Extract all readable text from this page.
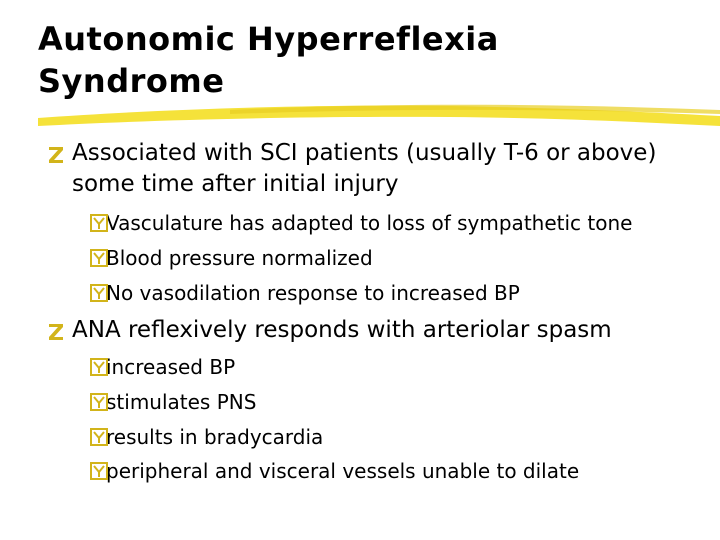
Autonomic Hyperreflexia
Syndrome
Associated with SCI patients (usually T-6 or above) some time after initial injury
Vasculature has adapted to loss of sympathetic tone
Blood pressure normalized
No vasodilation response to increased BP
ANA reflexively responds with arteriolar spasm
increased BP
stimulates PNS
results in bradycardia
peripheral and visceral vessels unable to dilate
